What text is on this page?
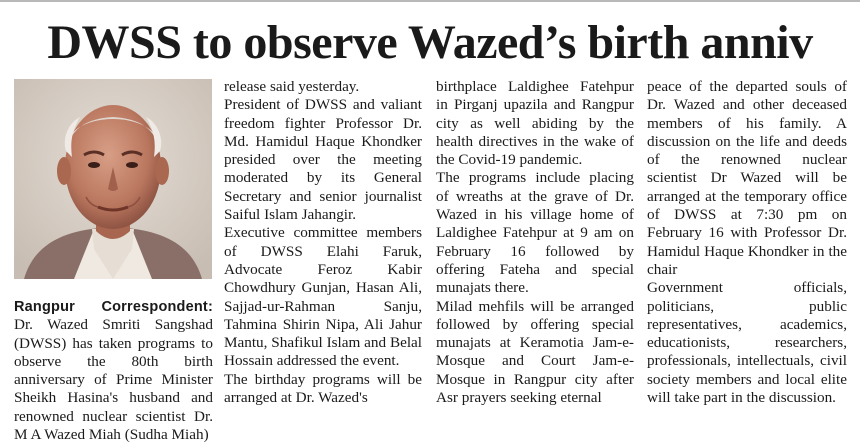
DWSS to observe Wazed’s birth anniv

Rangpur Correspondent: Dr. Wazed Smriti Sangshad (DWSS) has taken programs to observe the 80th birth anniversary of Prime Minister Sheikh Hasina's husband and renowned nuclear scientist Dr. M A Wazed Miah (Sudha Miah)

release said yesterday.

President of DWSS and valiant freedom fighter Professor Dr. Md. Hamidul Haque Khondker presided over the meeting moderated by its General Secretary and senior journalist Saiful Islam Jahangir.

Executive committee members of DWSS Elahi Faruk, Advocate Feroz Kabir Chowdhury Gunjan, Hasan Ali, Sajjad-ur-Rahman Sanju, Tahmina Shirin Nipa, Ali Jahur Mantu, Shafikul Islam and Belal Hossain addressed the event.

The birthday programs will be arranged at Dr. Wazed's

birthplace Laldighee Fatehpur in Pirganj upazila and Rangpur city as well abiding by the health directives in the wake of the Covid-19 pandemic.

The programs include placing of wreaths at the grave of Dr. Wazed in his village home of Laldighee Fatehpur at 9 am on February 16 followed by offering Fateha and special munajats there.

Milad mehfils will be arranged followed by offering special munajats at Keramotia Jam-e-Mosque and Court Jam-e-Mosque in Rangpur city after Asr prayers seeking eternal

peace of the departed souls of Dr. Wazed and other deceased members of his family. A discussion on the life and deeds of the renowned nuclear scientist Dr Wazed will be arranged at the temporary office of DWSS at 7:30 pm on February 16 with Professor Dr. Hamidul Haque Khondker in the chair

Government officials, politicians, public representatives, academics, educationists, researchers, professionals, intellectuals, civil society members and local elite will take part in the discussion.
